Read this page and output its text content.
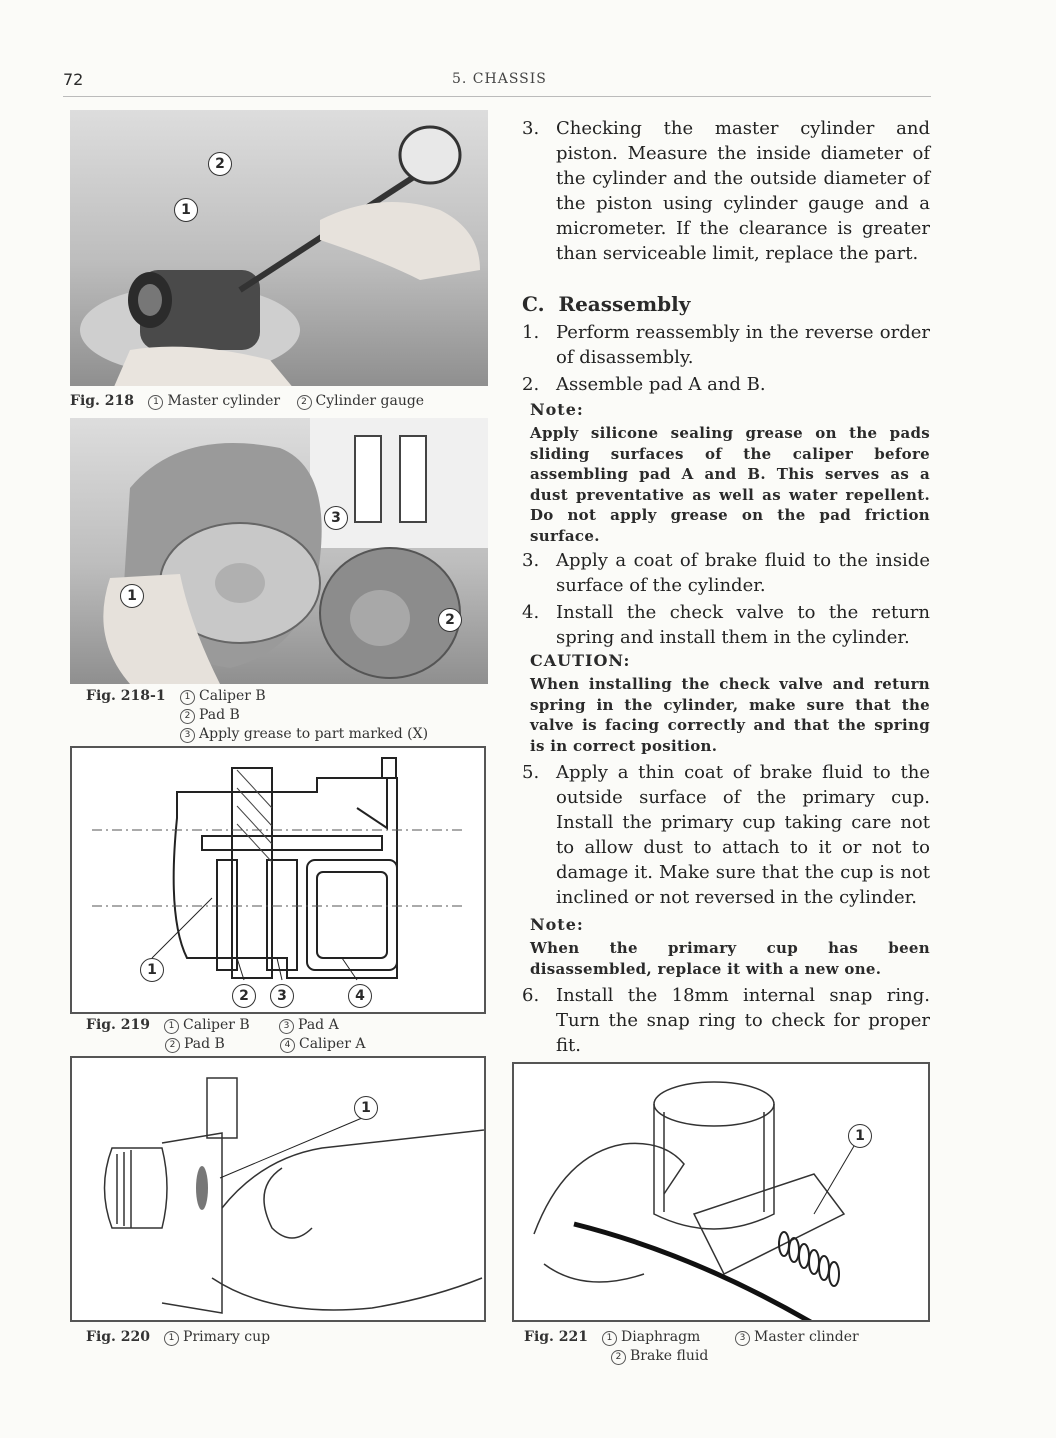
72	5. CHASSIS
2
1
Fig. 218 1 Master cylinder 2 Cylinder gauge
3
1
2
Fig. 218-1 1 Caliper B
2 Pad B
3 Apply grease to part marked (X)
1
2	3	4
Fig. 219 1 Caliper B	3 Pad A
2 Pad B	4 Caliper A
1
Fig. 220 1 Primary cup
3. Checking the master cylinder and piston. Measure the inside diameter of the cylinder and the outside diameter of the piston using cylinder gauge and a micrometer. If the clearance is greater than serviceable limit, replace the part.
C.  Reassembly
1. Perform reassembly in the reverse order of disassembly.
2. Assemble pad A and B.
Note:
Apply silicone sealing grease on the pads sliding surfaces of the caliper before assembling pad A and B. This serves as a dust preventative as well as water repellent. Do not apply grease on the pad friction surface.
3. Apply a coat of brake fluid to the inside surface of the cylinder.
4. Install the check valve to the return spring and install them in the cylinder.
CAUTION:
When installing the check valve and return spring in the cylinder, make sure that the valve is facing correctly and that the spring is in correct position.
5. Apply a thin coat of brake fluid to the outside surface of the primary cup. Install the primary cup taking care not to allow dust to attach to it or not to damage it. Make sure that the cup is not inclined or not reversed in the cylinder.
Note:
When the primary cup has been disassembled, replace it with a new one.
6. Install the 18mm internal snap ring. Turn the snap ring to check for proper fit.
1
Fig. 221 1 Diaphragm	3 Master clinder
2 Brake fluid
